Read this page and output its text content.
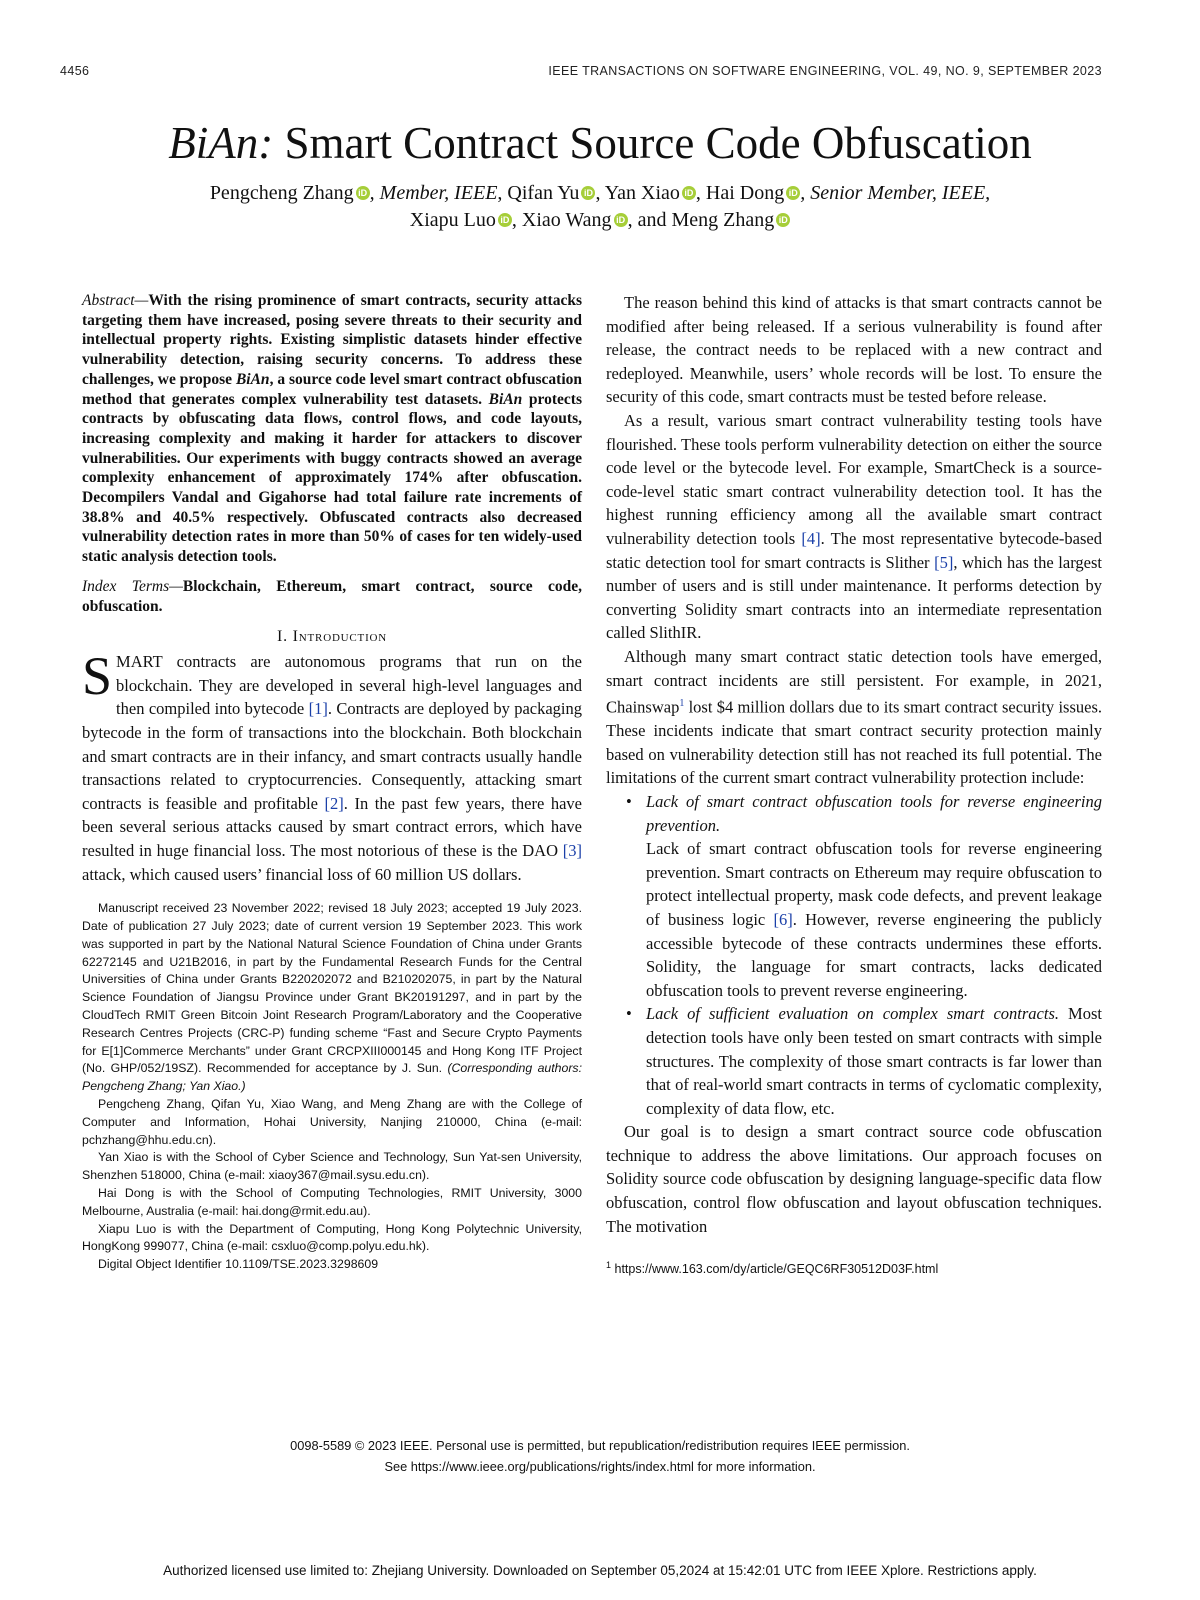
4456	IEEE TRANSACTIONS ON SOFTWARE ENGINEERING, VOL. 49, NO. 9, SEPTEMBER 2023
BiAn: Smart Contract Source Code Obfuscation
Pengcheng Zhang iD , Member, IEEE, Qifan Yu iD , Yan Xiao iD , Hai Dong iD , Senior Member, IEEE,
Xiapu Luo iD , Xiao Wang iD , and Meng Zhang iD

Abstract—With the rising prominence of smart contracts, security attacks targeting them have increased, posing severe threats to their security and intellectual property rights. Existing simplistic datasets hinder effective vulnerability detection, raising security concerns. To address these challenges, we propose BiAn, a source code level smart contract obfuscation method that generates complex vulnerability test datasets. BiAn protects contracts by obfuscating data flows, control flows, and code layouts, increasing complexity and making it harder for attackers to discover vulnerabilities. Our experiments with buggy contracts showed an average complexity enhancement of approximately 174% after obfuscation. Decompilers Vandal and Gigahorse had total failure rate increments of 38.8% and 40.5% respectively. Obfuscated contracts also decreased vulnerability detection rates in more than 50% of cases for ten widely-used static analysis detection tools.

Index Terms—Blockchain, Ethereum, smart contract, source code, obfuscation.

I. Introduction

SMART contracts are autonomous programs that run on the blockchain. They are developed in several high-level languages and then compiled into bytecode [1]. Contracts are deployed by packaging bytecode in the form of transactions into the blockchain. Both blockchain and smart contracts are in their infancy, and smart contracts usually handle transactions related to cryptocurrencies. Consequently, attacking smart contracts is feasible and profitable [2]. In the past few years, there have been several serious attacks caused by smart contract errors, which have resulted in huge financial loss. The most notorious of these is the DAO [3] attack, which caused users’ financial loss of 60 million US dollars.

Manuscript received 23 November 2022; revised 18 July 2023; accepted 19 July 2023. Date of publication 27 July 2023; date of current version 19 September 2023. This work was supported in part by the National Natural Science Foundation of China under Grants 62272145 and U21B2016, in part by the Fundamental Research Funds for the Central Universities of China under Grants B220202072 and B210202075, in part by the Natural Science Foundation of Jiangsu Province under Grant BK20191297, and in part by the CloudTech RMIT Green Bitcoin Joint Research Program/Laboratory and the Cooperative Research Centres Projects (CRC-P) funding scheme “Fast and Secure Crypto Payments for E[1]Commerce Merchants” under Grant CRCPXIII000145 and Hong Kong ITF Project (No. GHP/052/19SZ). Recommended for acceptance by J. Sun. (Corresponding authors: Pengcheng Zhang; Yan Xiao.)

Pengcheng Zhang, Qifan Yu, Xiao Wang, and Meng Zhang are with the College of Computer and Information, Hohai University, Nanjing 210000, China (e-mail: pchzhang@hhu.edu.cn).

Yan Xiao is with the School of Cyber Science and Technology, Sun Yat-sen University, Shenzhen 518000, China (e-mail: xiaoy367@mail.sysu.edu.cn).

Hai Dong is with the School of Computing Technologies, RMIT University, 3000 Melbourne, Australia (e-mail: hai.dong@rmit.edu.au).

Xiapu Luo is with the Department of Computing, Hong Kong Polytechnic University, HongKong 999077, China (e-mail: csxluo@comp.polyu.edu.hk).

Digital Object Identifier 10.1109/TSE.2023.3298609

The reason behind this kind of attacks is that smart contracts cannot be modified after being released. If a serious vulnerability is found after release, the contract needs to be replaced with a new contract and redeployed. Meanwhile, users’ whole records will be lost. To ensure the security of this code, smart contracts must be tested before release.

As a result, various smart contract vulnerability testing tools have flourished. These tools perform vulnerability detection on either the source code level or the bytecode level. For example, SmartCheck is a source-code-level static smart contract vulnerability detection tool. It has the highest running efficiency among all the available smart contract vulnerability detection tools [4]. The most representative bytecode-based static detection tool for smart contracts is Slither [5], which has the largest number of users and is still under maintenance. It performs detection by converting Solidity smart contracts into an intermediate representation called SlithIR.

Although many smart contract static detection tools have emerged, smart contract incidents are still persistent. For example, in 2021, Chainswap$^1$ lost $4 million dollars due to its smart contract security issues. These incidents indicate that smart contract security protection mainly based on vulnerability detection still has not reached its full potential. The limitations of the current smart contract vulnerability protection include:

• Lack of smart contract obfuscation tools for reverse engineering prevention.
Lack of smart contract obfuscation tools for reverse engineering prevention. Smart contracts on Ethereum may require obfuscation to protect intellectual property, mask code defects, and prevent leakage of business logic [6]. However, reverse engineering the publicly accessible bytecode of these contracts undermines these efforts. Solidity, the language for smart contracts, lacks dedicated obfuscation tools to prevent reverse engineering.
• Lack of sufficient evaluation on complex smart contracts. Most detection tools have only been tested on smart contracts with simple structures. The complexity of those smart contracts is far lower than that of real-world smart contracts in terms of cyclomatic complexity, complexity of data flow, etc.

Our goal is to design a smart contract source code obfuscation technique to address the above limitations. Our approach focuses on Solidity source code obfuscation by designing language-specific data flow obfuscation, control flow obfuscation and layout obfuscation techniques. The motivation

$^1$ https://www.163.com/dy/article/GEQC6RF30512D03F.html
0098-5589 © 2023 IEEE. Personal use is permitted, but republication/redistribution requires IEEE permission.
See https://www.ieee.org/publications/rights/index.html for more information.
Authorized licensed use limited to: Zhejiang University. Downloaded on September 05,2024 at 15:42:01 UTC from IEEE Xplore. Restrictions apply.
